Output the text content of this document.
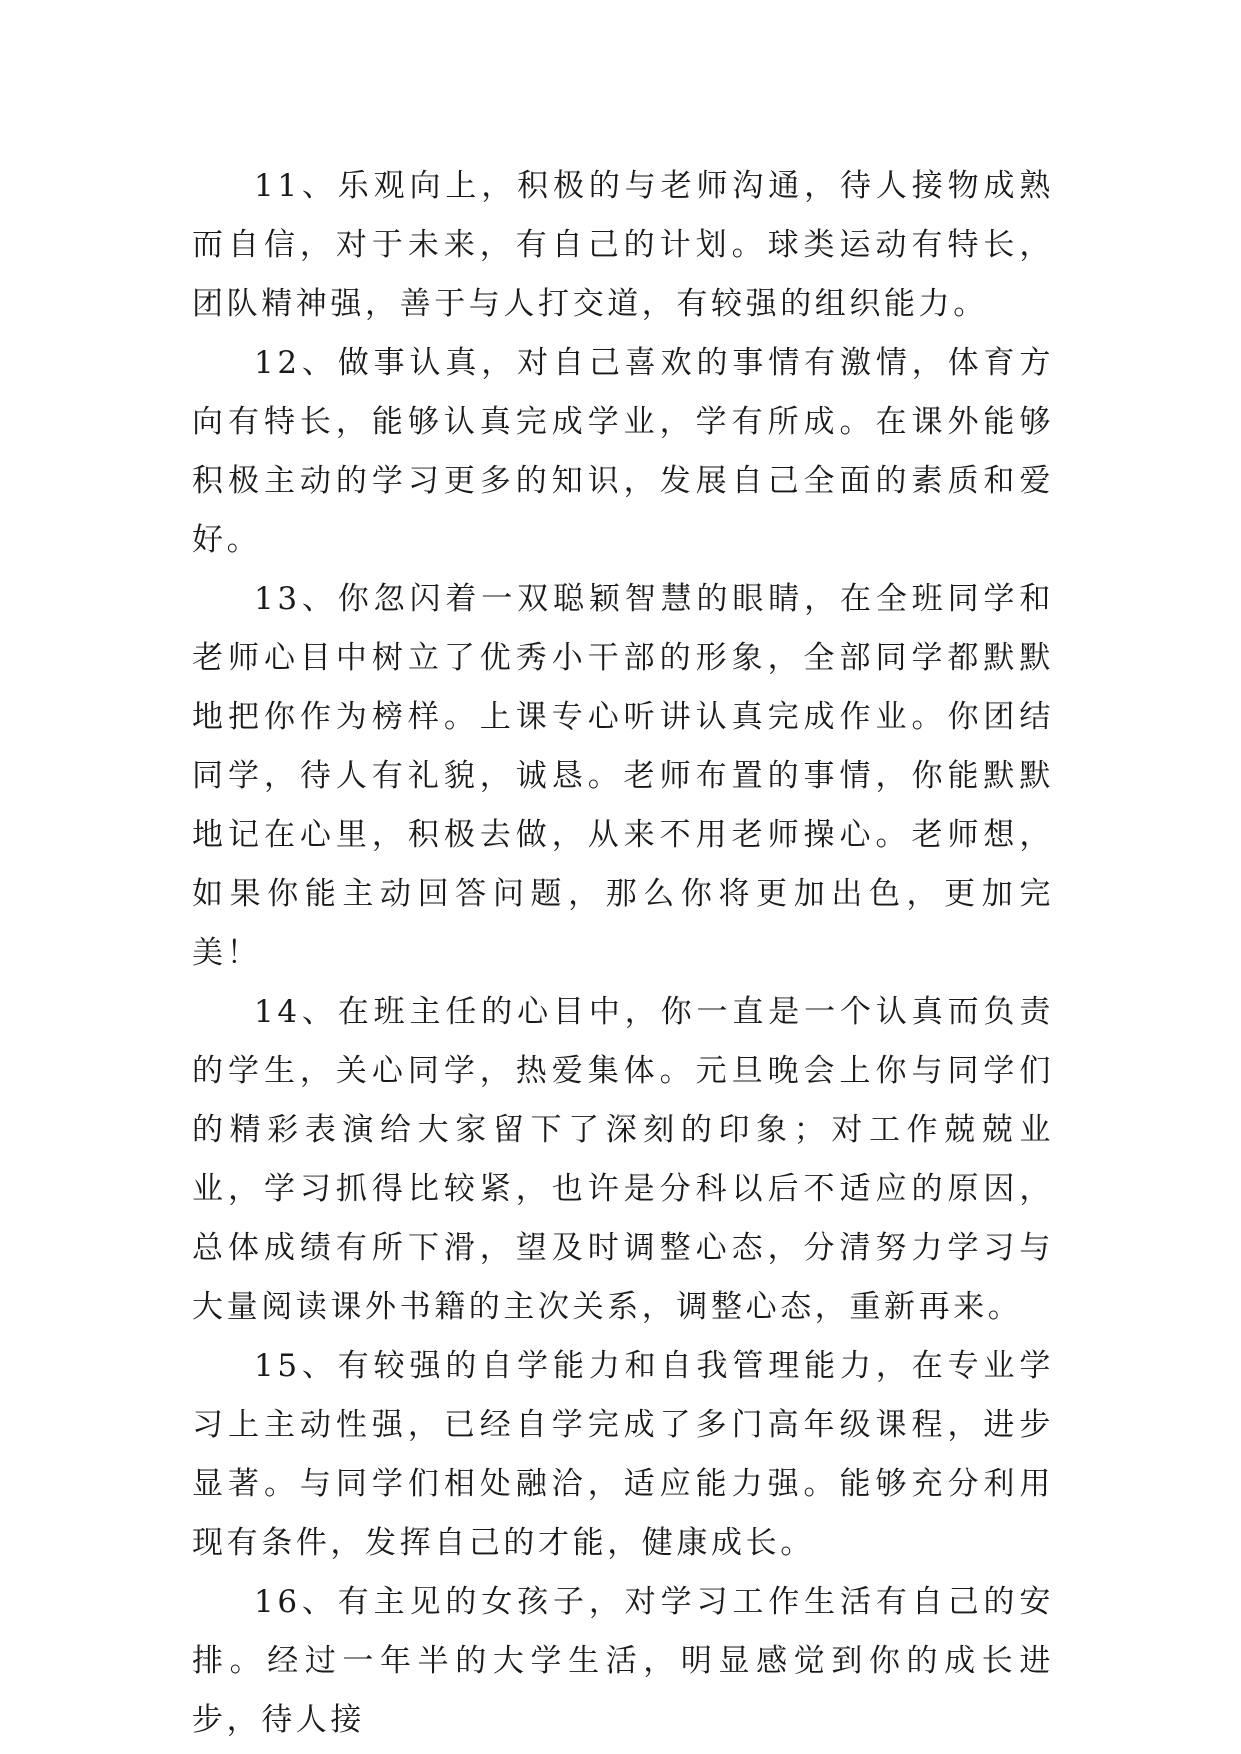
11、乐观向上，积极的与老师沟通，待人接物成熟而自信，对于未来，有自己的计划。球类运动有特长，团队精神强，善于与人打交道，有较强的组织能力。

12、做事认真，对自己喜欢的事情有激情，体育方向有特长，能够认真完成学业，学有所成。在课外能够积极主动的学习更多的知识，发展自己全面的素质和爱好。

13、你忽闪着一双聪颖智慧的眼睛，在全班同学和老师心目中树立了优秀小干部的形象，全部同学都默默地把你作为榜样。上课专心听讲认真完成作业。你团结同学，待人有礼貌，诚恳。老师布置的事情，你能默默地记在心里，积极去做，从来不用老师操心。老师想，如果你能主动回答问题，那么你将更加出色，更加完美！

14、在班主任的心目中，你一直是一个认真而负责的学生，关心同学，热爱集体。元旦晚会上你与同学们的精彩表演给大家留下了深刻的印象；对工作兢兢业业，学习抓得比较紧，也许是分科以后不适应的原因，总体成绩有所下滑，望及时调整心态，分清努力学习与大量阅读课外书籍的主次关系，调整心态，重新再来。

15、有较强的自学能力和自我管理能力，在专业学习上主动性强，已经自学完成了多门高年级课程，进步显著。与同学们相处融洽，适应能力强。能够充分利用现有条件，发挥自己的才能，健康成长。

16、有主见的女孩子，对学习工作生活有自己的安排。经过一年半的大学生活，明显感觉到你的成长进步，待人接
